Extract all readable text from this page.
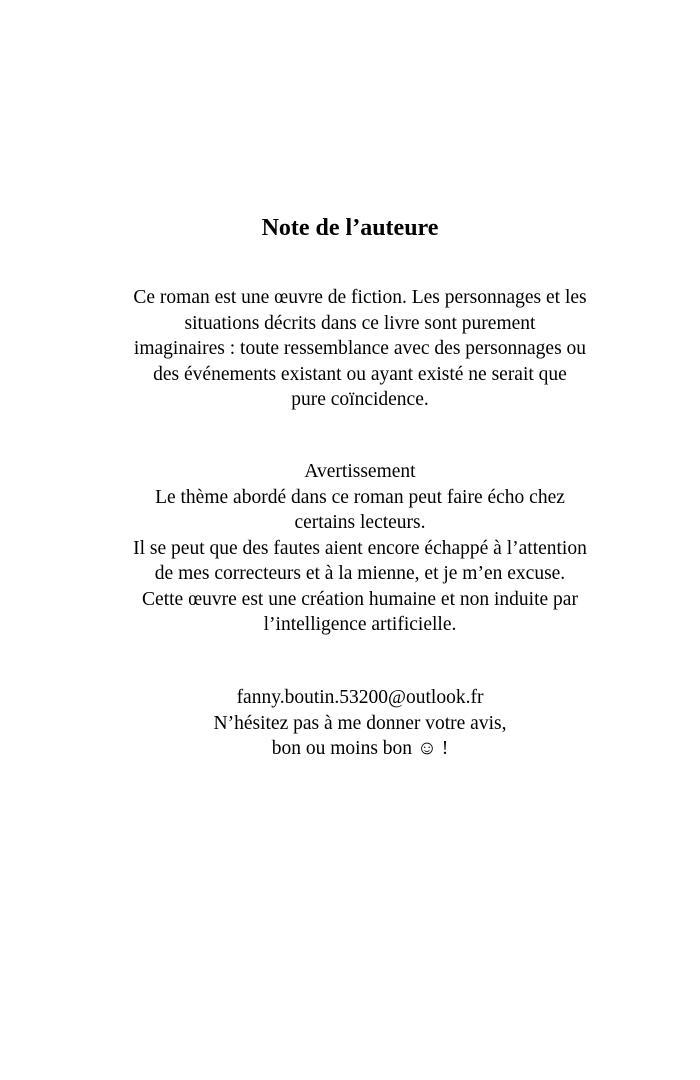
Note de l’auteure
Ce roman est une œuvre de fiction. Les personnages et les
situations décrits dans ce livre sont purement
imaginaires : toute ressemblance avec des personnages ou
des événements existant ou ayant existé ne serait que
pure coïncidence.
Avertissement
Le thème abordé dans ce roman peut faire écho chez
certains lecteurs.
Il se peut que des fautes aient encore échappé à l’attention
de mes correcteurs et à la mienne, et je m’en excuse.
Cette œuvre est une création humaine et non induite par
l’intelligence artificielle.
fanny.boutin.53200@outlook.fr
N’hésitez pas à me donner votre avis,
bon ou moins bon ☺ !
